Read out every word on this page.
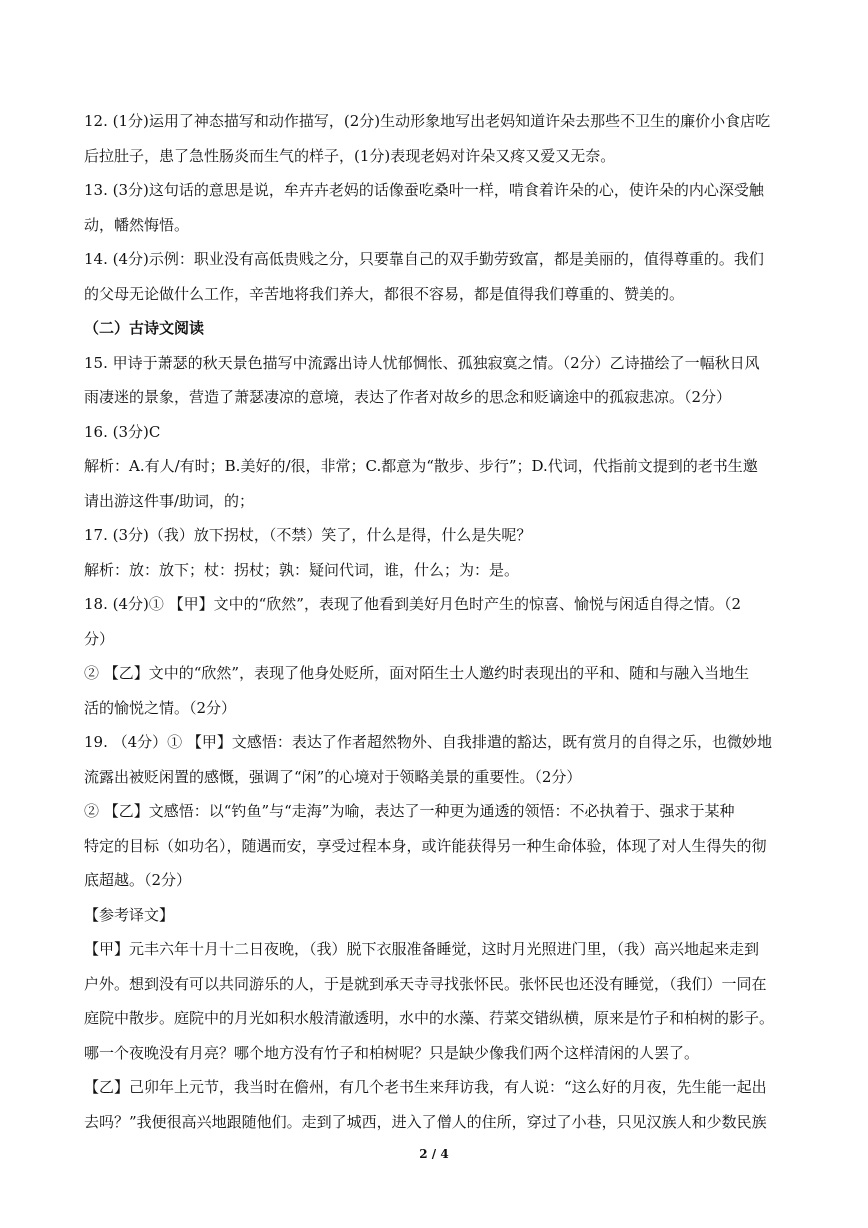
12. (1分)运用了神态描写和动作描写，(2分)生动形象地写出老妈知道许朵去那些不卫生的廉价小食店吃
后拉肚子，患了急性肠炎而生气的样子，(1分)表现老妈对许朵又疼又爱又无奈。
13. (3分)这句话的意思是说，牟卉卉老妈的话像蚕吃桑叶一样，啃食着许朵的心，使许朵的内心深受触
动，幡然悔悟。
14. (4分)示例：职业没有高低贵贱之分，只要靠自己的双手勤劳致富，都是美丽的，值得尊重的。我们
的父母无论做什么工作，辛苦地将我们养大，都很不容易，都是值得我们尊重的、赞美的。
（二）古诗文阅读
15. 甲诗于萧瑟的秋天景色描写中流露出诗人忧郁惆怅、孤独寂寞之情。（2分）乙诗描绘了一幅秋日风
雨凄迷的景象，营造了萧瑟凄凉的意境，表达了作者对故乡的思念和贬谪途中的孤寂悲凉。（2分）
16. (3分)C
解析：A.有人/有时；B.美好的/很，非常；C.都意为“散步、步行”；D.代词，代指前文提到的老书生邀
请出游这件事/助词，的；
17. (3分)（我）放下拐杖，（不禁）笑了，什么是得，什么是失呢？
解析：放：放下；杖：拐杖；孰：疑问代词，谁，什么；为：是。
18. (4分)① 【甲】文中的“欣然”，表现了他看到美好月色时产生的惊喜、愉悦与闲适自得之情。（2
分）
② 【乙】文中的“欣然”，表现了他身处贬所，面对陌生士人邀约时表现出的平和、随和与融入当地生
活的愉悦之情。（2分）
19. （4分）① 【甲】文感悟：表达了作者超然物外、自我排遣的豁达，既有赏月的自得之乐，也微妙地
流露出被贬闲置的感慨，强调了“闲”的心境对于领略美景的重要性。（2分）
② 【乙】文感悟：以“钓鱼”与“走海”为喻，表达了一种更为通透的领悟：不必执着于、强求于某种
特定的目标（如功名），随遇而安，享受过程本身，或许能获得另一种生命体验，体现了对人生得失的彻
底超越。（2分）
【参考译文】
【甲】元丰六年十月十二日夜晚，（我）脱下衣服准备睡觉，这时月光照进门里，（我）高兴地起来走到
户外。想到没有可以共同游乐的人，于是就到承天寺寻找张怀民。张怀民也还没有睡觉，（我们）一同在
庭院中散步。庭院中的月光如积水般清澈透明，水中的水藻、荇菜交错纵横，原来是竹子和柏树的影子。
哪一个夜晚没有月亮？哪个地方没有竹子和柏树呢？只是缺少像我们两个这样清闲的人罢了。
【乙】己卯年上元节，我当时在儋州，有几个老书生来拜访我，有人说：“这么好的月夜，先生能一起出
去吗？”我便很高兴地跟随他们。走到了城西，进入了僧人的住所，穿过了小巷，只见汉族人和少数民族
2 / 4
